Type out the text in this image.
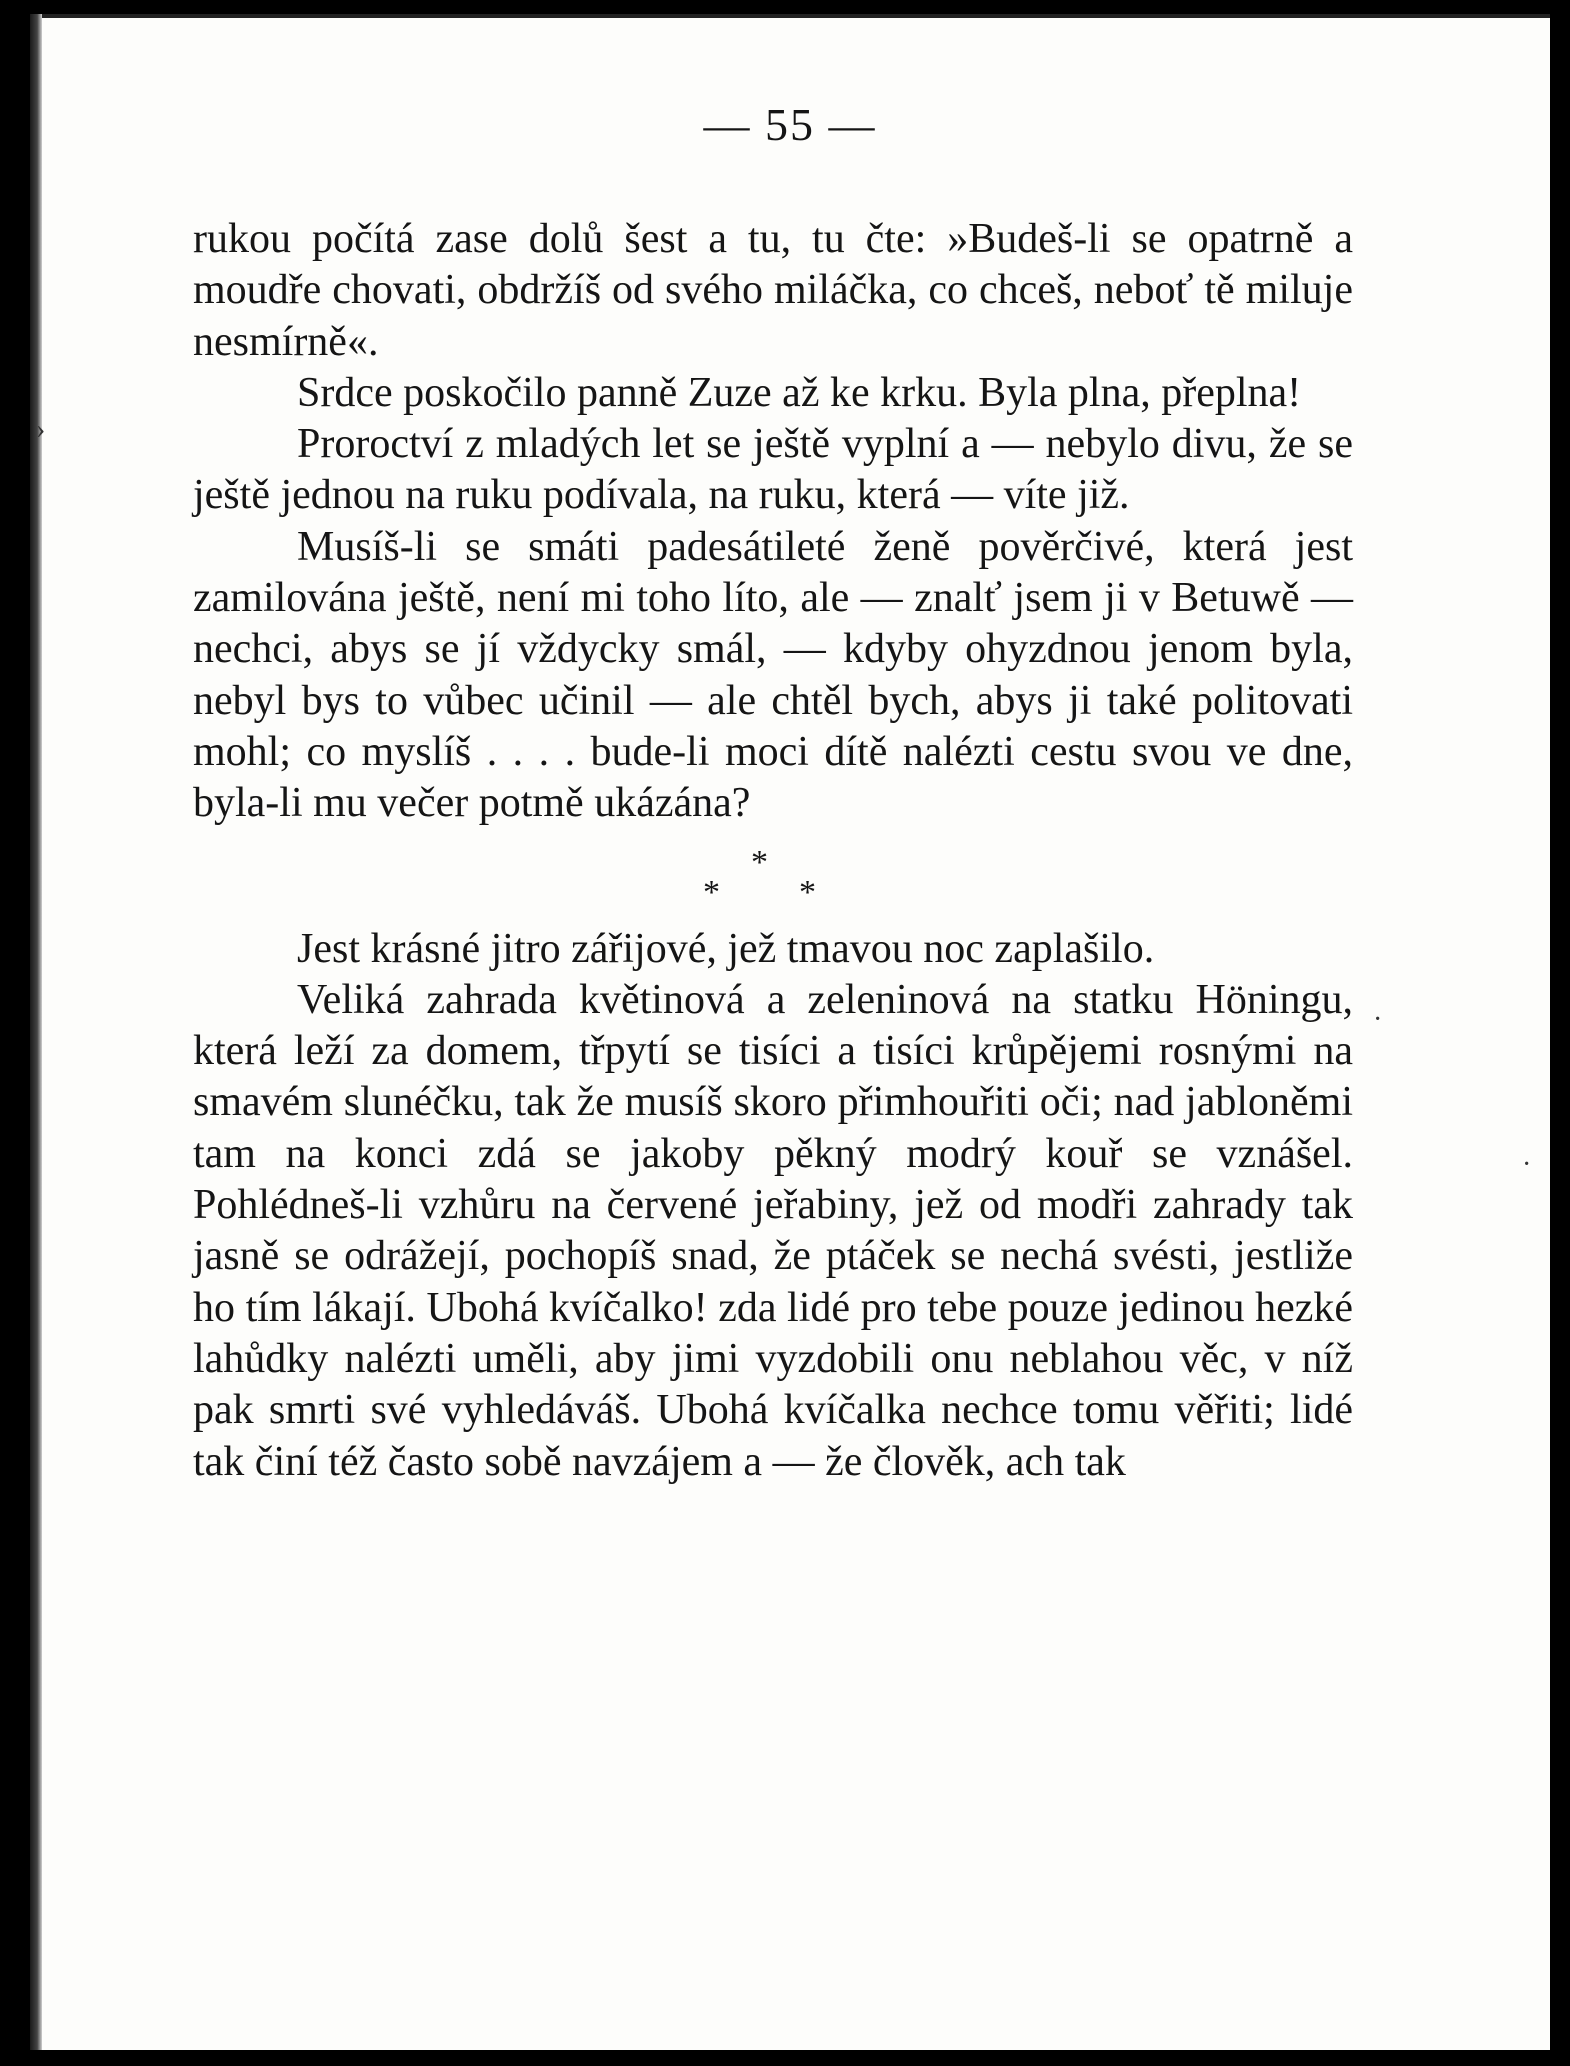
— 55 —

rukou počítá zase dolů šest a tu, tu čte: »Budeš-li se opatrně a moudře chovati, obdržíš od svého miláčka, co chceš, neboť tě miluje nesmírně«.

Srdce poskočilo panně Zuze až ke krku. Byla plna, přeplna!

Proroctví z mladých let se ještě vyplní a — nebylo divu, že se ještě jednou na ruku podívala, na ruku, která — víte již.

Musíš-li se smáti padesátileté ženě pověrčivé, která jest zamilována ještě, není mi toho líto, ale — znalť jsem ji v Betuwě — nechci, abys se jí vždycky smál, — kdyby ohyzdnou jenom byla, nebyl bys to vůbec učinil — ale chtěl bych, abys ji také politovati mohl; co myslíš . . . . bude-li moci dítě nalézti cestu svou ve dne, byla-li mu večer potmě ukázána?

*
* *

Jest krásné jitro zářijové, jež tmavou noc zaplašilo.

Veliká zahrada květinová a zeleninová na statku Höningu, která leží za domem, třpytí se tisíci a tisíci krůpějemi rosnými na smavém slunéčku, tak že musíš skoro přimhouřiti oči; nad jabloněmi tam na konci zdá se jakoby pěkný modrý kouř se vznášel. Pohlédneš-li vzhůru na červené jeřabiny, jež od modři zahrady tak jasně se odrážejí, pochopíš snad, že ptáček se nechá svésti, jestliže ho tím lákají. Ubohá kvíčalko! zda lidé pro tebe pouze jedinou hezké lahůdky nalézti uměli, aby jimi vyzdobili onu neblahou věc, v níž pak smrti své vyhledáváš. Ubohá kvíčalka nechce tomu věřiti; lidé tak činí též často sobě navzájem a — že člověk, ach tak

›
·
·
